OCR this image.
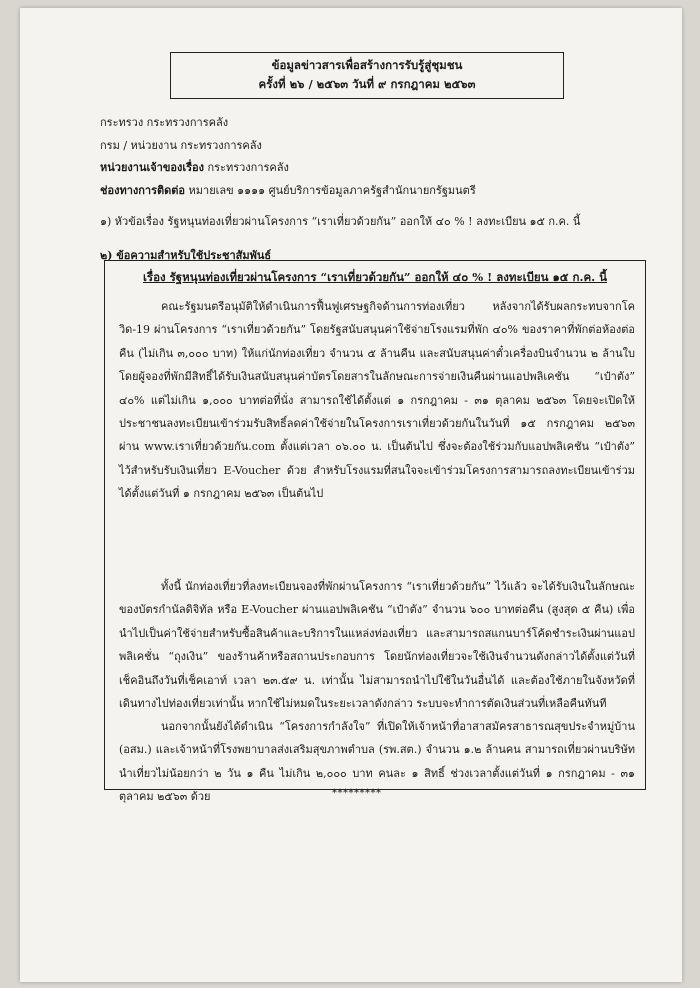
ข้อมูลข่าวสารเพื่อสร้างการรับรู้สู่ชุมชน
ครั้งที่ ๒๖ / ๒๕๖๓ วันที่ ๙ กรกฎาคม ๒๕๖๓
กระทรวง กระทรวงการคลัง
กรม / หน่วยงาน กระทรวงการคลัง
หน่วยงานเจ้าของเรื่อง กระทรวงการคลัง
ช่องทางการติดต่อ หมายเลข ๑๑๑๑ ศูนย์บริการข้อมูลภาครัฐสำนักนายกรัฐมนตรี
๑) หัวข้อเรื่อง รัฐหนุนท่องเที่ยวผ่านโครงการ “เราเที่ยวด้วยกัน” ออกให้ ๔๐ % ! ลงทะเบียน ๑๕ ก.ค. นี้
๒) ข้อความสำหรับใช้ประชาสัมพันธ์
เรื่อง รัฐหนุนท่องเที่ยวผ่านโครงการ “เราเที่ยวด้วยกัน” ออกให้ ๔๐ % ! ลงทะเบียน ๑๕ ก.ค. นี้

คณะรัฐมนตรีอนุมัติให้ดำเนินการฟื้นฟูเศรษฐกิจด้านการท่องเที่ยว หลังจากได้รับผลกระทบจากโควิด-19 ผ่านโครงการ “เราเที่ยวด้วยกัน” โดยรัฐสนับสนุนค่าใช้จ่ายโรงแรมที่พัก ๔๐% ของราคาที่พักต่อห้องต่อคืน (ไม่เกิน ๓,๐๐๐ บาท) ให้แก่นักท่องเที่ยว จำนวน ๕ ล้านคืน และสนับสนุนค่าตั๋วเครื่องบินจำนวน ๒ ล้านใบ โดยผู้จองที่พักมีสิทธิ์ได้รับเงินสนับสนุนค่าบัตรโดยสารในลักษณะการจ่ายเงินคืนผ่านแอปพลิเคชัน “เป๋าตัง” ๔๐% แต่ไม่เกิน ๑,๐๐๐ บาทต่อที่นั่ง สามารถใช้ได้ตั้งแต่ ๑ กรกฎาคม - ๓๑ ตุลาคม ๒๕๖๓ โดยจะเปิดให้ประชาชนลงทะเบียนเข้าร่วมรับสิทธิ์ลดค่าใช้จ่ายในโครงการเราเที่ยวด้วยกันในวันที่ ๑๕ กรกฎาคม ๒๕๖๓ ผ่าน www.เราเที่ยวด้วยกัน.com ตั้งแต่เวลา ๐๖.๐๐ น. เป็นต้นไป ซึ่งจะต้องใช้ร่วมกับแอปพลิเคชัน “เป๋าตัง” ไว้สำหรับรับเงินเที่ยว E-Voucher ด้วย สำหรับโรงแรมที่สนใจจะเข้าร่วมโครงการสามารถลงทะเบียนเข้าร่วมได้ตั้งแต่วันที่ ๑ กรกฎาคม ๒๕๖๓ เป็นต้นไป

ทั้งนี้ นักท่องเที่ยวที่ลงทะเบียนจองที่พักผ่านโครงการ “เราเที่ยวด้วยกัน” ไว้แล้ว จะได้รับเงินในลักษณะของบัตรกำนัลดิจิทัล หรือ E-Voucher ผ่านแอปพลิเคชัน “เป๋าตัง” จำนวน ๖๐๐ บาทต่อคืน (สูงสุด ๕ คืน) เพื่อนำไปเป็นค่าใช้จ่ายสำหรับซื้อสินค้าและบริการในแหล่งท่องเที่ยว และสามารถสแกนบาร์โค้ดชำระเงินผ่านแอปพลิเคชั่น “ถุงเงิน” ของร้านค้าหรือสถานประกอบการ โดยนักท่องเที่ยวจะใช้เงินจำนวนดังกล่าวได้ตั้งแต่วันที่เช็คอินถึงวันที่เช็คเอาท์ เวลา ๒๓.๕๙ น. เท่านั้น ไม่สามารถนำไปใช้ในวันอื่นได้ และต้องใช้ภายในจังหวัดที่เดินทางไปท่องเที่ยวเท่านั้น หากใช้ไม่หมดในระยะเวลาดังกล่าว ระบบจะทำการตัดเงินส่วนที่เหลือคืนทันที

นอกจากนั้นยังได้ดำเนิน “โครงการกำลังใจ” ที่เปิดให้เจ้าหน้าที่อาสาสมัครสาธารณสุขประจำหมู่บ้าน (อสม.) และเจ้าหน้าที่โรงพยาบาลส่งเสริมสุขภาพตำบล (รพ.สต.) จำนวน ๑.๒ ล้านคน สามารถเที่ยวผ่านบริษัทนำเที่ยวไม่น้อยกว่า ๒ วัน ๑ คืน ไม่เกิน ๒,๐๐๐ บาท คนละ ๑ สิทธิ์ ช่วงเวลาตั้งแต่วันที่ ๑ กรกฎาคม - ๓๑ ตุลาคม ๒๕๖๓ ด้วย	*********
